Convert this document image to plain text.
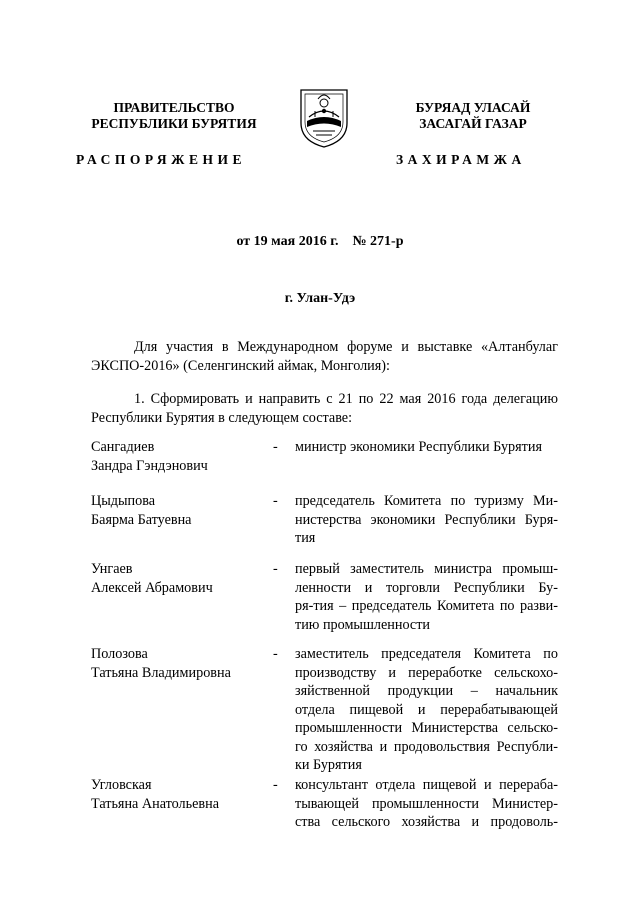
ПРАВИТЕЛЬСТВО
РЕСПУБЛИКИ БУРЯТИЯ
БУРЯАД УЛАСАЙ
ЗАСАГАЙ ГАЗАР
РАСПОРЯЖЕНИЕ	ЗАХИРАМЖА
от 19 мая 2016 г.    № 271-р
г. Улан-Удэ
Для участия в Международном форуме и выставке «Алтанбулаг ЭКСПО-2016» (Селенгинский аймак, Монголия):
1. Сформировать и направить с 21 по 22 мая 2016 года делегацию Республики Бурятия в следующем составе:
Сангадиев
Зандра Гэндэнович
- министр экономики Республики Бурятия
Цыдыпова
Баярма Батуевна
- председатель Комитета по туризму Ми-
нистерства экономики Республики Буря-
тия
Унгаев
Алексей Абрамович
- первый заместитель министра промыш-
ленности и торговли Республики Бу-
ря-тия – председатель Комитета по разви-
тию промышленности
Полозова
Татьяна Владимировна
- заместитель председателя Комитета по
производству и переработке сельскохо-
зяйственной продукции – начальник
отдела пищевой и перерабатывающей
промышленности Министерства сельско-
го хозяйства и продовольствия Республи-
ки Бурятия
Угловская
Татьяна Анатольевна
- консультант отдела пищевой и перераба-
тывающей промышленности Министер-
ства сельского хозяйства и продоволь-
